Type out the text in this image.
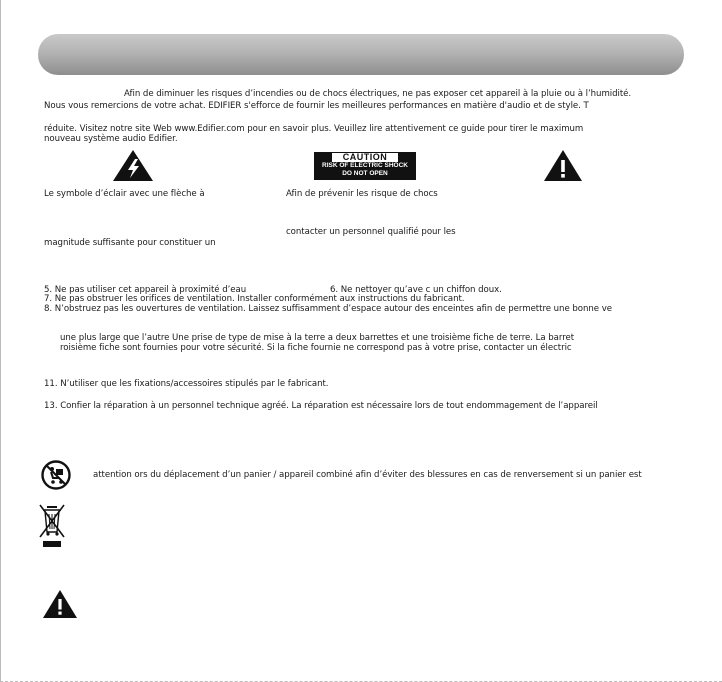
Afin de diminuer les risques d’incendies ou de chocs électriques, ne pas exposer cet appareil à la pluie ou à l’humidité.
Nous vous remercions de votre achat. EDIFIER s'efforce de fournir les meilleures performances en matière d'audio et de style. T
réduite. Visitez notre site Web www.Edifier.com pour en savoir plus. Veuillez lire attentivement ce guide pour tirer le maximum
nouveau système audio Edifier.
CAUTION
RISK OF ELECTRIC SHOCK
DO NOT OPEN
Le symbole d’éclair avec une flèche à	Afin de prévenir les risque de chocs
contacter un personnel qualifié pour les
magnitude suffisante pour constituer un
5. Ne pas utiliser cet appareil à proximité d’eau	6. Ne nettoyer qu’ave c un chiffon doux.
7. Ne pas obstruer les orifices de ventilation. Installer conformément aux instructions du fabricant.
8. N’obstruez pas les ouvertures de ventilation. Laissez suffisamment d’espace autour des enceintes afin de permettre une bonne ve
une plus large que l’autre Une prise de type de mise à la terre a deux barrettes et une troisième fiche de terre. La barret
roisième fiche sont fournies pour votre sécurité. Si la fiche fournie ne correspond pas à votre prise, contacter un électric
11. N’utiliser que les fixations/accessoires stipulés par le fabricant.
13. Confier la réparation à un personnel technique agréé. La réparation est nécessaire lors de tout endommagement de l’appareil
attention ors du déplacement d’un panier / appareil combiné afin d’éviter des blessures en cas de renversement si un panier est
